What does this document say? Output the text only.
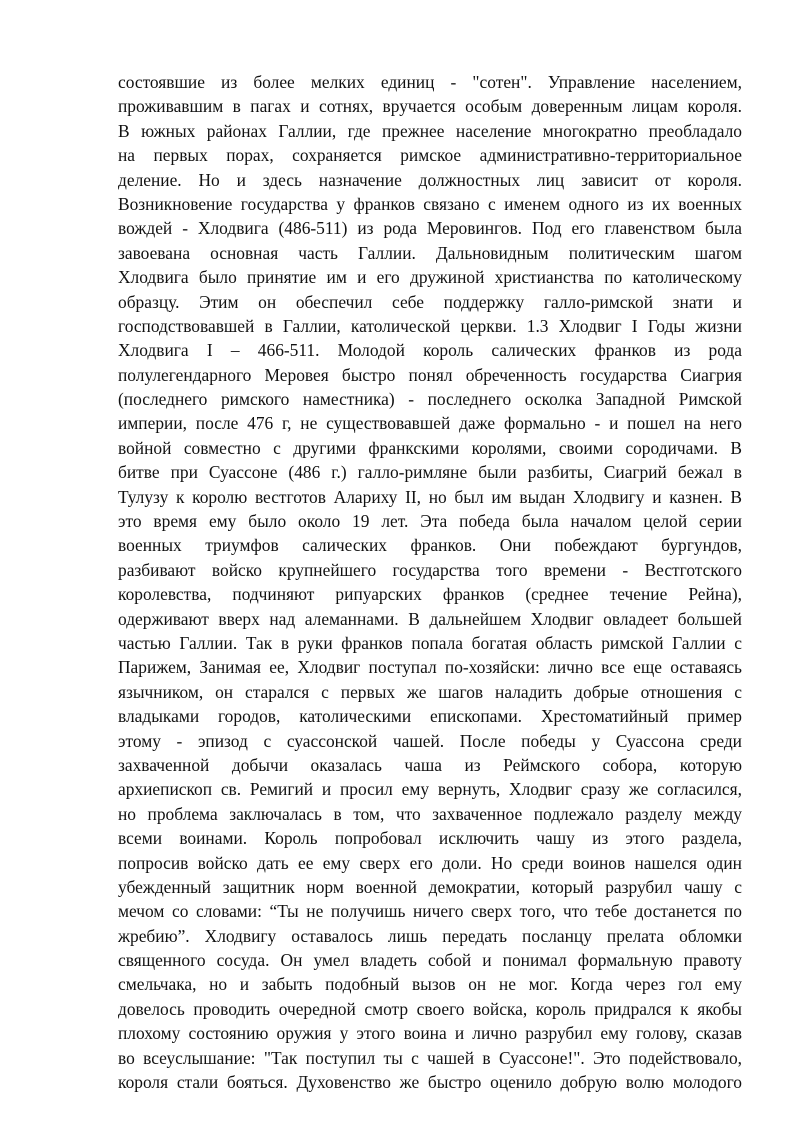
состоявшие из более мелких единиц - "сотен". Управление населением,
проживавшим в пагах и сотнях, вручается особым доверенным лицам короля.
В южных районах Галлии, где прежнее население многократно преобладало
на первых порах, сохраняется римское административно-территориальное
деление. Но и здесь назначение должностных лиц зависит от короля.
Возникновение государства у франков связано с именем одного из их военных
вождей - Хлодвига (486-511) из рода Меровингов. Под его главенством была
завоевана основная часть Галлии. Дальновидным политическим шагом
Хлодвига было принятие им и его дружиной христианства по католическому
образцу. Этим он обеспечил себе поддержку галло-римской знати и
господствовавшей в Галлии, католической церкви. 1.3 Хлодвиг I Годы жизни
Хлодвига I – 466-511. Молодой король салических франков из рода
полулегендарного Меровея быстро понял обреченность государства Сиагрия
(последнего римского наместника) - последнего осколка Западной Римской
империи, после 476 г, не существовавшей даже формально - и пошел на него
войной совместно с другими франкскими королями, своими сородичами. В
битве при Суассоне (486 г.) галло-римляне были разбиты, Сиагрий бежал в
Тулузу к королю вестготов Алариху II, но был им выдан Хлодвигу и казнен. В
это время ему было около 19 лет. Эта победа была началом целой серии
военных триумфов салических франков. Они побеждают бургундов,
разбивают войско крупнейшего государства того времени - Вестготского
королевства, подчиняют рипуарских франков (среднее течение Рейна),
одерживают вверх над алеманнами. В дальнейшем Хлодвиг овладеет большей
частью Галлии. Так в руки франков попала богатая область римской Галлии с
Парижем, Занимая ее, Хлодвиг поступал по-хозяйски: лично все еще оставаясь
язычником, он старался с первых же шагов наладить добрые отношения с
владыками городов, католическими епископами. Хрестоматийный пример
этому - эпизод с суассонской чашей. После победы у Суассона среди
захваченной добычи оказалась чаша из Реймского собора, которую
архиепископ св. Ремигий и просил ему вернуть, Хлодвиг сразу же согласился,
но проблема заключалась в том, что захваченное подлежало разделу между
всеми воинами. Король попробовал исключить чашу из этого раздела,
попросив войско дать ее ему сверх его доли. Но среди воинов нашелся один
убежденный защитник норм военной демократии, который разрубил чашу с
мечом со словами: “Ты не получишь ничего сверх того, что тебе достанется по
жребию”. Хлодвигу оставалось лишь передать посланцу прелата обломки
священного сосуда. Он умел владеть собой и понимал формальную правоту
смельчака, но и забыть подобный вызов он не мог. Когда через гол ему
довелось проводить очередной смотр своего войска, король придрался к якобы
плохому состоянию оружия у этого воина и лично разрубил ему голову, сказав
во всеуслышание: "Так поступил ты с чашей в Суассоне!". Это подействовало,
короля стали бояться. Духовенство же быстро оценило добрую волю молодого
